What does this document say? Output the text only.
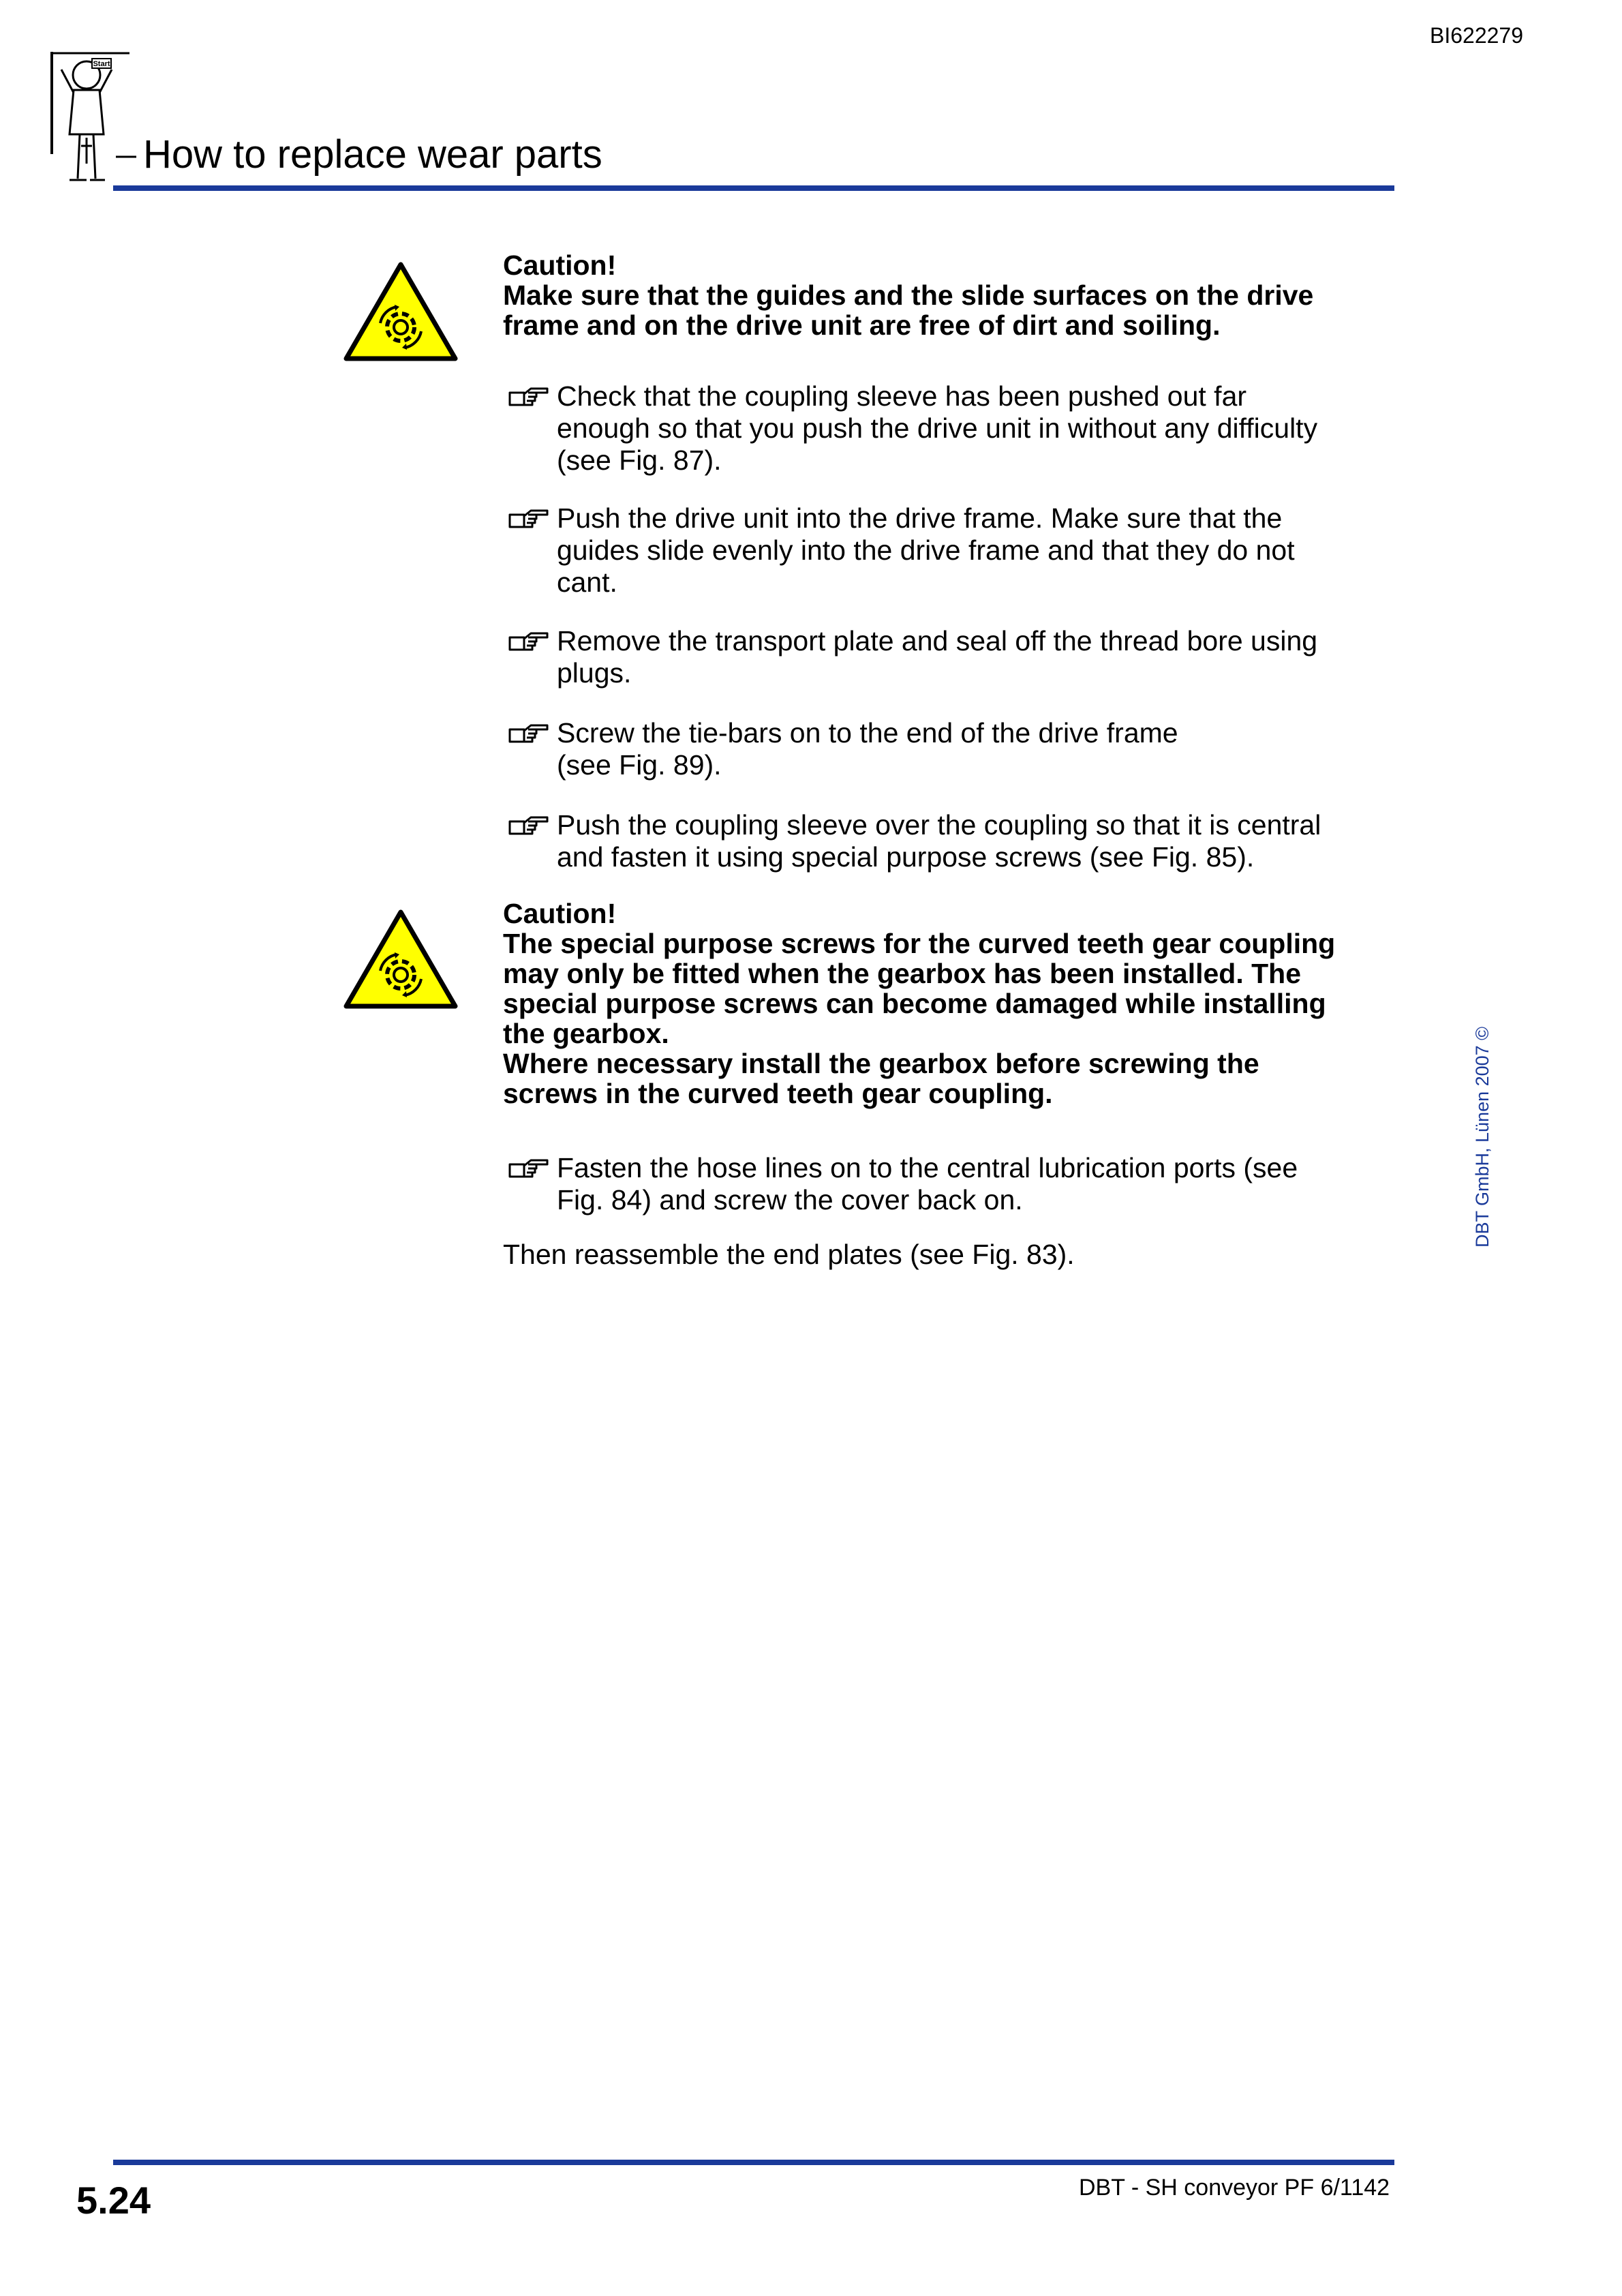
BI622279
Start
How to replace wear parts
Caution!
Make sure that the guides and the slide surfaces on the drive
frame and on the drive unit are free of dirt and soiling.
Check that the coupling sleeve has been pushed out far
enough so that you push the drive unit in without any difficulty
(see Fig. 87).
Push the drive unit into the drive frame. Make sure that the
guides slide evenly into the drive frame and that they do not
cant.
Remove the transport plate and seal off the thread bore using
plugs.
Screw the tie-bars on to the end of the drive frame
(see Fig. 89).
Push the coupling sleeve over the coupling so that it is central
and fasten it using special purpose screws (see Fig. 85).
Caution!
The special purpose screws for the curved teeth gear coupling
may only be fitted when the gearbox has been installed. The
special purpose screws can become damaged while installing
the gearbox.
Where necessary install the gearbox before screwing the
screws in the curved teeth gear coupling.
Fasten the hose lines on to the central lubrication ports (see
Fig. 84) and screw the cover back on.
Then reassemble the end plates (see Fig. 83).
DBT GmbH, Lünen 2007 ©
5.24	DBT - SH conveyor PF 6/1142
